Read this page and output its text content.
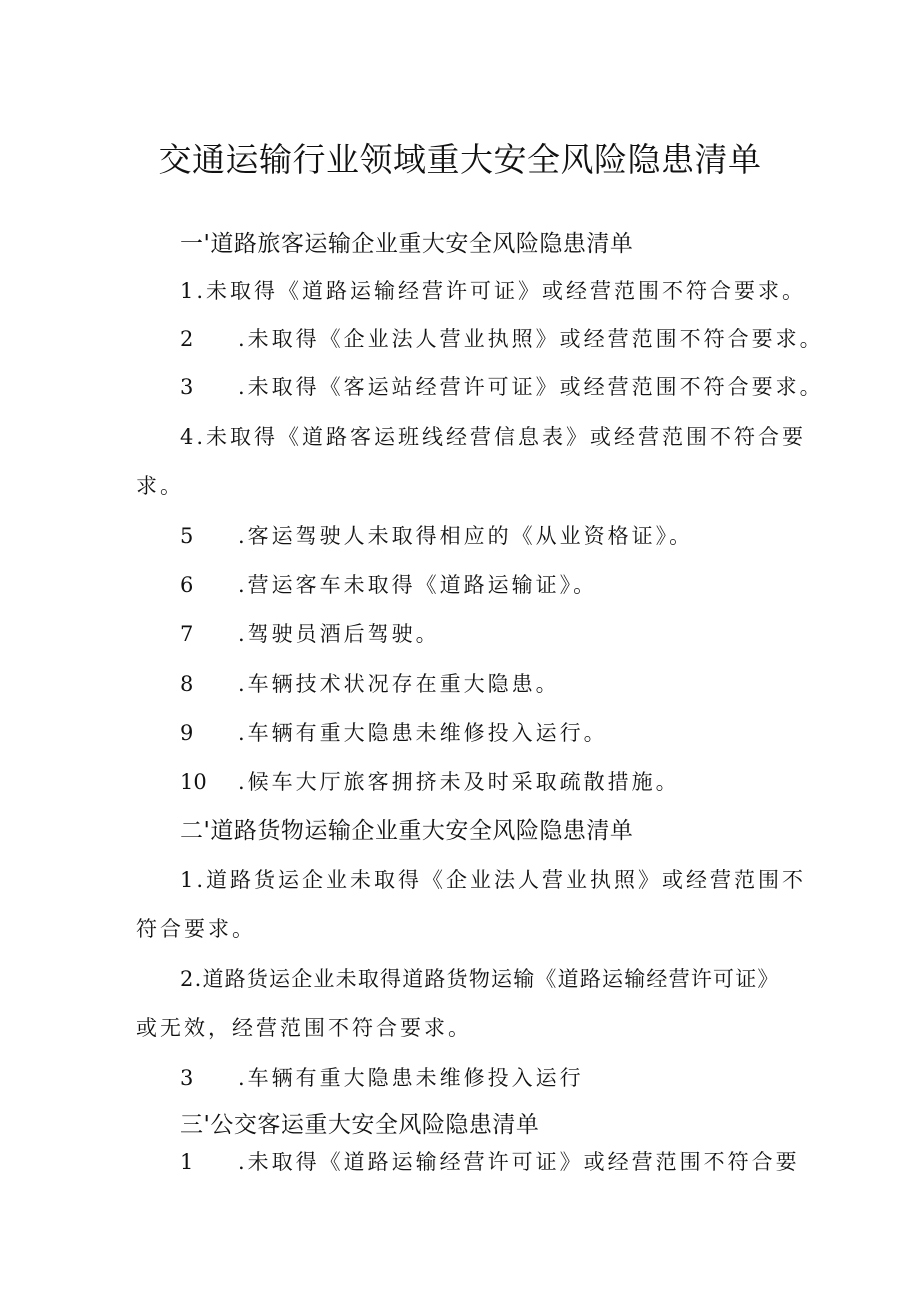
交通运输行业领域重大安全风险隐患清单
一'道路旅客运输企业重大安全风险隐患清单
1.未取得《道路运输经营许可证》或经营范围不符合要求。
2 .未取得《企业法人营业执照》或经营范围不符合要求。
3 .未取得《客运站经营许可证》或经营范围不符合要求。
4.未取得《道路客运班线经营信息表》或经营范围不符合要
求。
5 .客运驾驶人未取得相应的《从业资格证》。
6 .营运客车未取得《道路运输证》。
7 .驾驶员酒后驾驶。
8 .车辆技术状况存在重大隐患。
9 .车辆有重大隐患未维修投入运行。
10 .候车大厅旅客拥挤未及时采取疏散措施。
二'道路货物运输企业重大安全风险隐患清单
1.道路货运企业未取得《企业法人营业执照》或经营范围不
符合要求。
2.道路货运企业未取得道路货物运输《道路运输经营许可证》
或无效，经营范围不符合要求。
3 .车辆有重大隐患未维修投入运行
三'公交客运重大安全风险隐患清单
1 .未取得《道路运输经营许可证》或经营范围不符合要
